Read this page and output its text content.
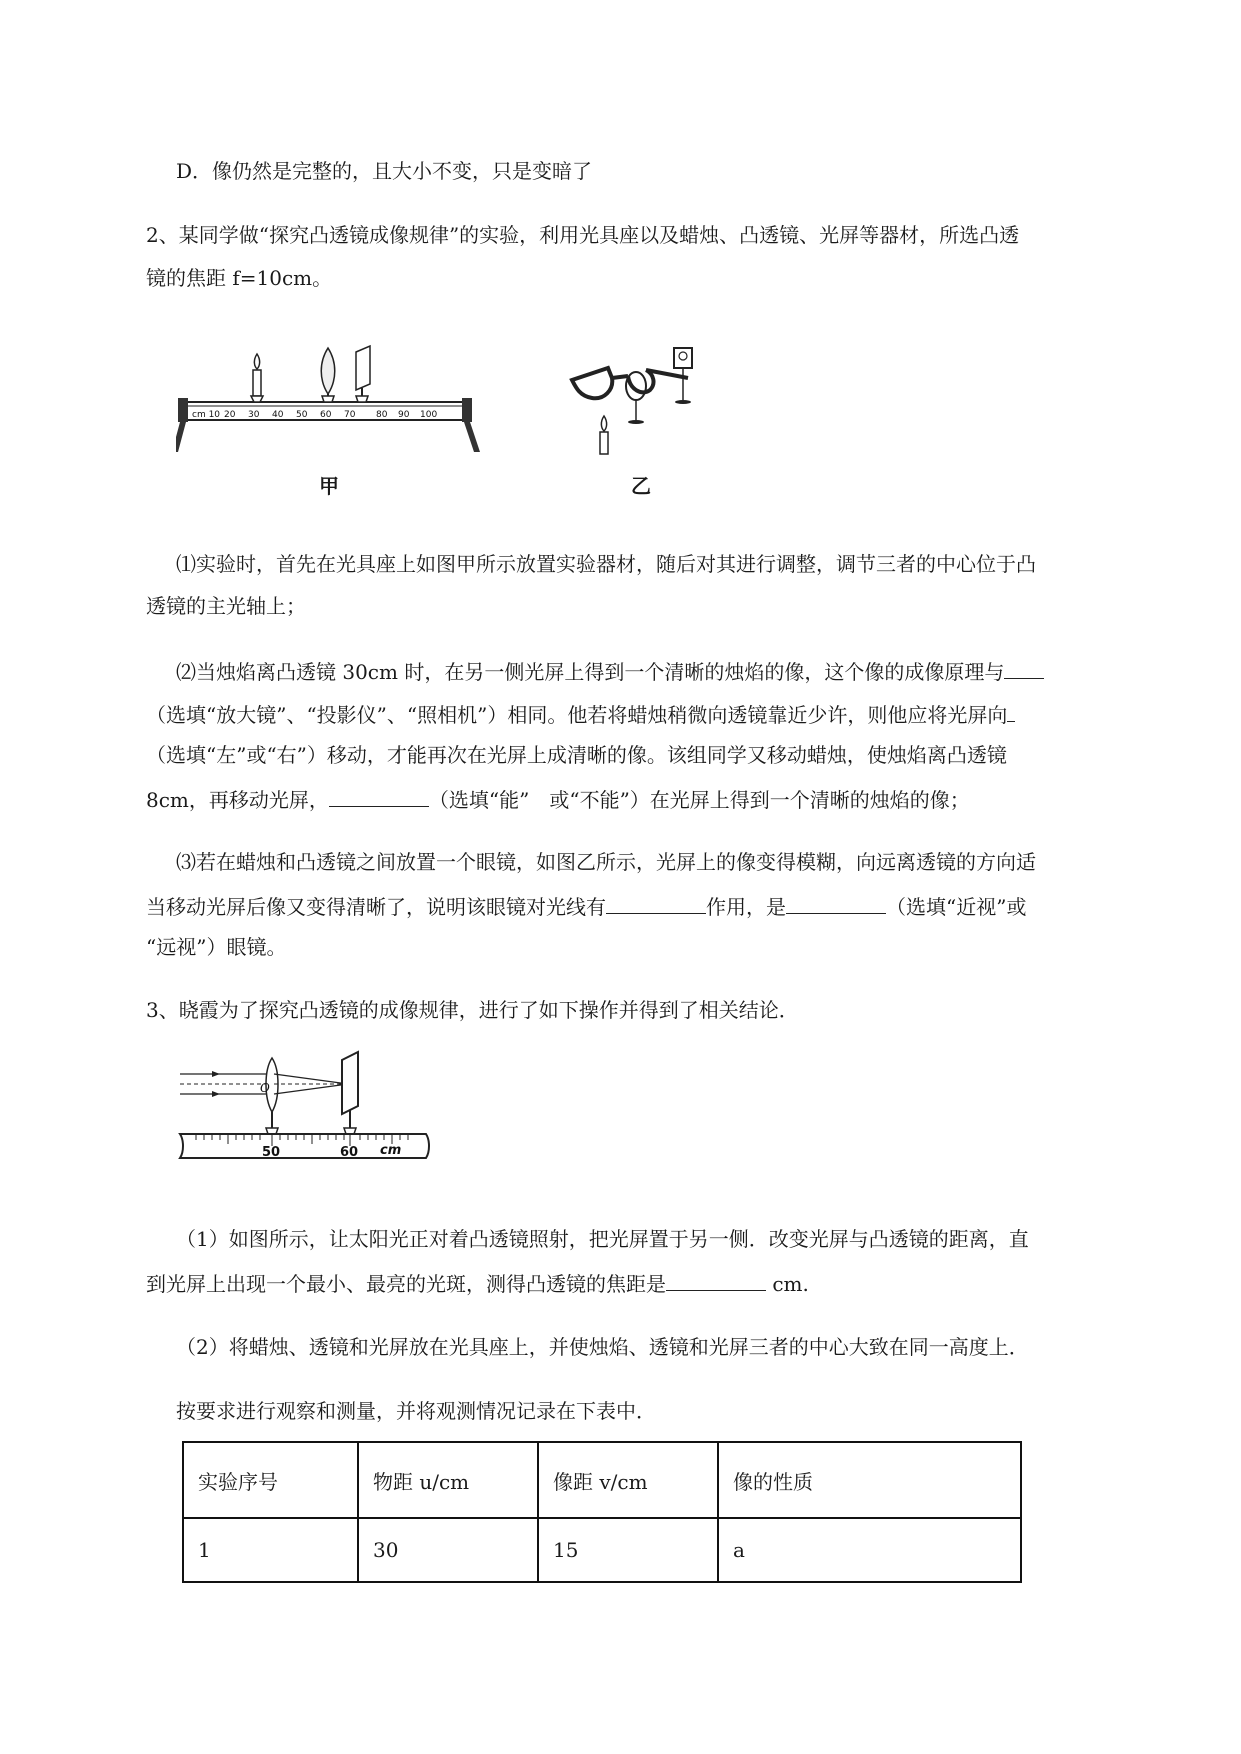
D．像仍然是完整的，且大小不变，只是变暗了
2、某同学做“探究凸透镜成像规律”的实验，利用光具座以及蜡烛、凸透镜、光屏等器材，所选凸透
镜的焦距 f=10cm。
cm 10 20 30 40 50 60 70 80 90 100
甲	乙
⑴实验时，首先在光具座上如图甲所示放置实验器材，随后对其进行调整，调节三者的中心位于凸
透镜的主光轴上；
⑵当烛焰离凸透镜 30cm 时，在另一侧光屏上得到一个清晰的烛焰的像，这个像的成像原理与
（选填“放大镜”、“投影仪”、“照相机”）相同。他若将蜡烛稍微向透镜靠近少许，则他应将光屏向
（选填“左”或“右”）移动，才能再次在光屏上成清晰的像。该组同学又移动蜡烛，使烛焰离凸透镜
8cm，再移动光屏，	（选填“能”　或“不能”）在光屏上得到一个清晰的烛焰的像；
⑶若在蜡烛和凸透镜之间放置一个眼镜，如图乙所示，光屏上的像变得模糊，向远离透镜的方向适
当移动光屏后像又变得清晰了，说明该眼镜对光线有	作用，是	（选填“近视”或
“远视”）眼镜。
3、晓霞为了探究凸透镜的成像规律，进行了如下操作并得到了相关结论．
O
50	60 cm
（1）如图所示，让太阳光正对着凸透镜照射，把光屏置于另一侧．改变光屏与凸透镜的距离，直
到光屏上出现一个最小、最亮的光斑，测得凸透镜的焦距是	cm.
（2）将蜡烛、透镜和光屏放在光具座上，并使烛焰、透镜和光屏三者的中心大致在同一高度上．
按要求进行观察和测量，并将观测情况记录在下表中．
实验序号	物距 u/cm	像距 v/cm	像的性质
1	30	15	a
